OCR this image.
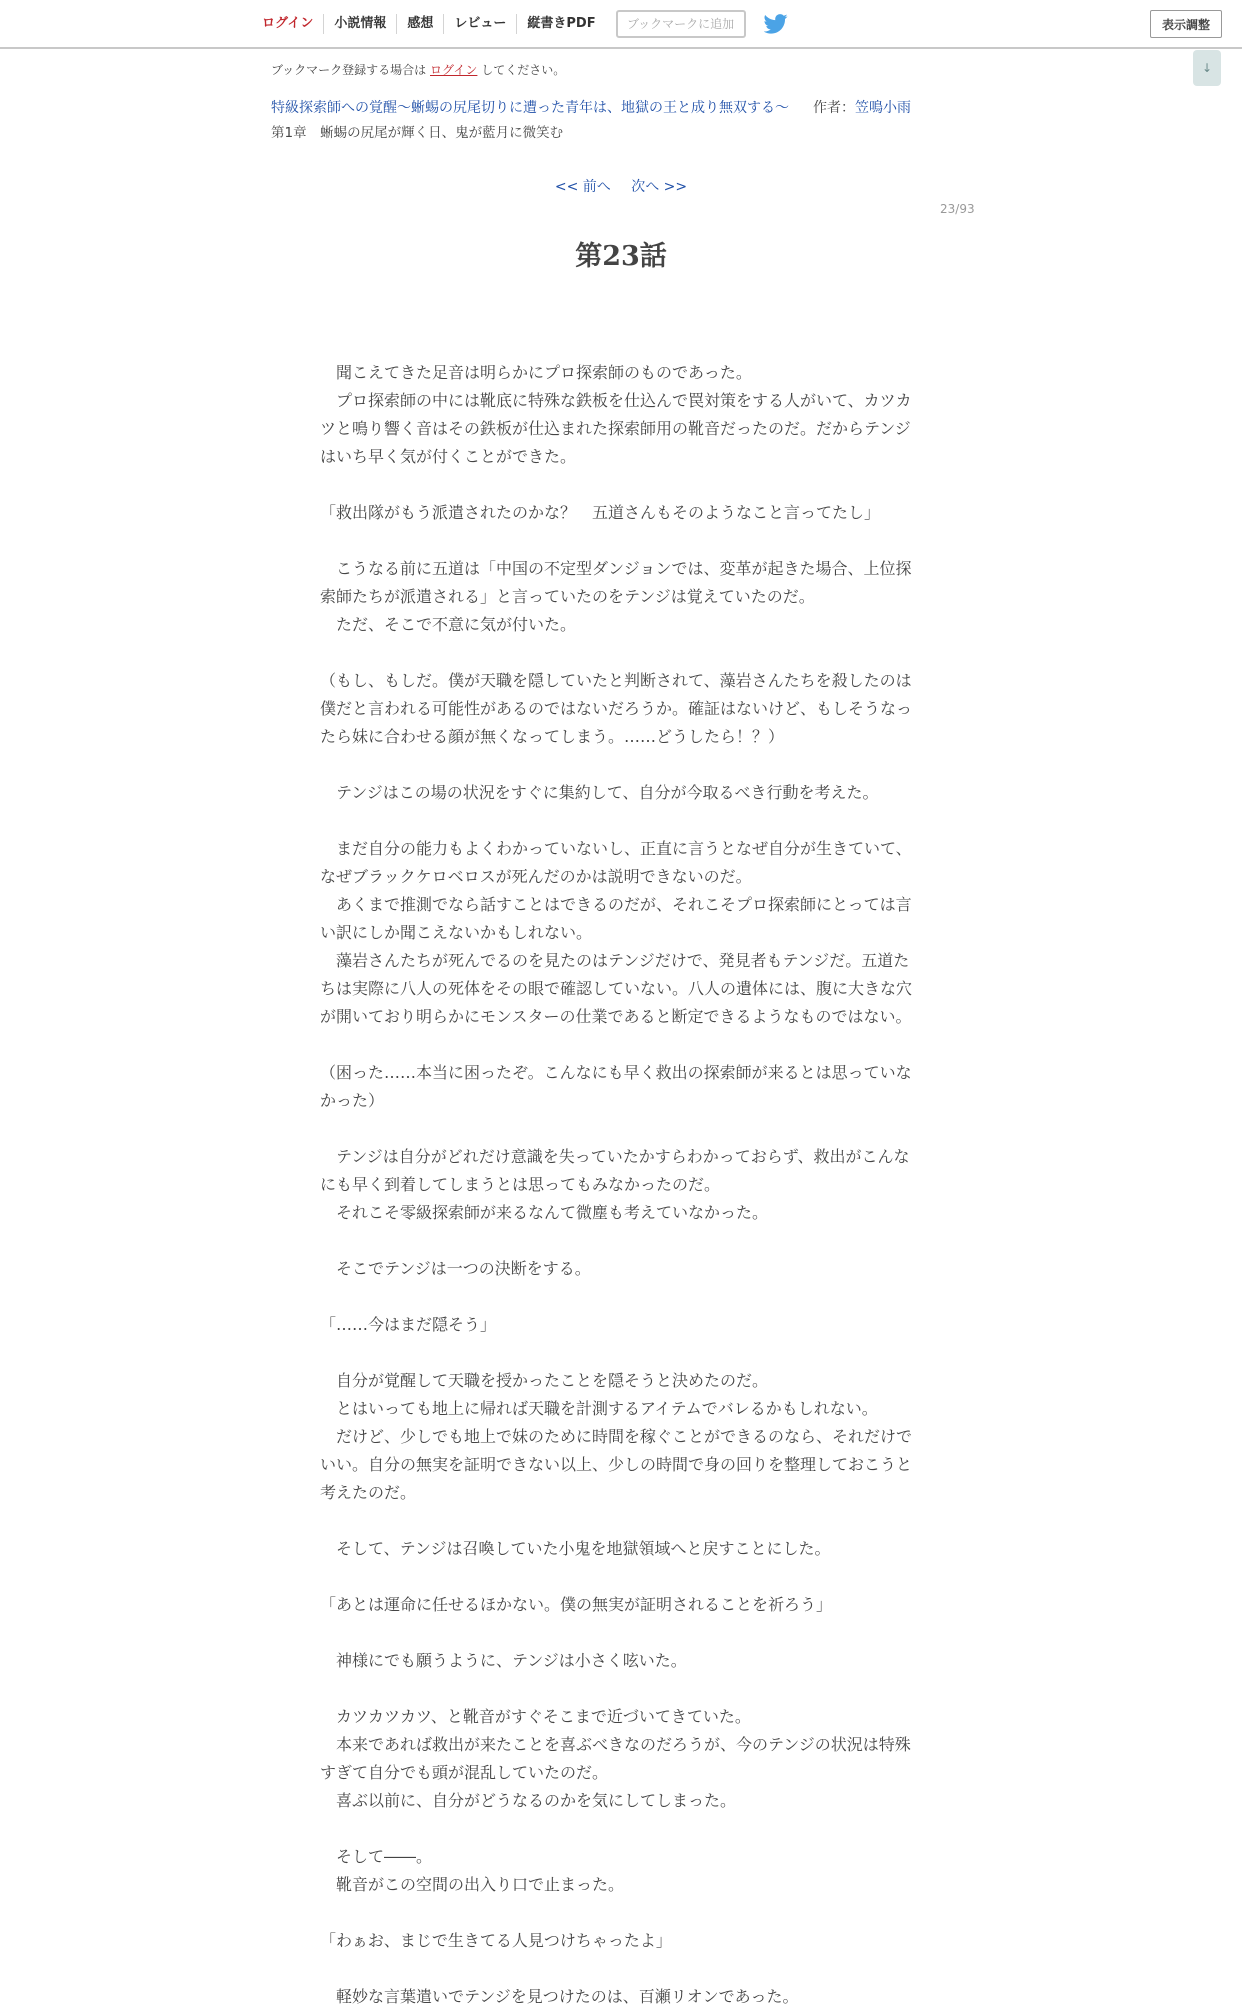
ログイン	小説情報	感想	レビュー	縦書きPDF	ブックマークに追加	表示調整
↓
ブックマーク登録する場合は ログイン してください。
特級探索師への覚醒～蜥蜴の尻尾切りに遭った青年は、地獄の王と成り無双する～ 作者：笠鳴小雨
第1章　蜥蜴の尻尾が輝く日、鬼が藍月に微笑む
<< 前へ 次へ >>
23/93
第23話
　聞こえてきた足音は明らかにプロ探索師のものであった。
　プロ探索師の中には靴底に特殊な鉄板を仕込んで罠対策をする人がいて、カツカ
ツと鳴り響く音はその鉄板が仕込まれた探索師用の靴音だったのだ。だからテンジ
はいち早く気が付くことができた。
「救出隊がもう派遣されたのかな？　五道さんもそのようなこと言ってたし」
　こうなる前に五道は「中国の不定型ダンジョンでは、変革が起きた場合、上位探
索師たちが派遣される」と言っていたのをテンジは覚えていたのだ。
　ただ、そこで不意に気が付いた。
（もし、もしだ。僕が天職を隠していたと判断されて、藻岩さんたちを殺したのは
僕だと言われる可能性があるのではないだろうか。確証はないけど、もしそうなっ
たら妹に合わせる顔が無くなってしまう。……どうしたら！？）
　テンジはこの場の状況をすぐに集約して、自分が今取るべき行動を考えた。
　まだ自分の能力もよくわかっていないし、正直に言うとなぜ自分が生きていて、
なぜブラックケロベロスが死んだのかは説明できないのだ。
　あくまで推測でなら話すことはできるのだが、それこそプロ探索師にとっては言
い訳にしか聞こえないかもしれない。
　藻岩さんたちが死んでるのを見たのはテンジだけで、発見者もテンジだ。五道た
ちは実際に八人の死体をその眼で確認していない。八人の遺体には、腹に大きな穴
が開いており明らかにモンスターの仕業であると断定できるようなものではない。
（困った……本当に困ったぞ。こんなにも早く救出の探索師が来るとは思っていな
かった）
　テンジは自分がどれだけ意識を失っていたかすらわかっておらず、救出がこんな
にも早く到着してしまうとは思ってもみなかったのだ。
　それこそ零級探索師が来るなんて微塵も考えていなかった。
　そこでテンジは一つの決断をする。
「……今はまだ隠そう」
　自分が覚醒して天職を授かったことを隠そうと決めたのだ。
　とはいっても地上に帰れば天職を計測するアイテムでバレるかもしれない。
　だけど、少しでも地上で妹のために時間を稼ぐことができるのなら、それだけで
いい。自分の無実を証明できない以上、少しの時間で身の回りを整理しておこうと
考えたのだ。
　そして、テンジは召喚していた小鬼を地獄領域へと戻すことにした。
「あとは運命に任せるほかない。僕の無実が証明されることを祈ろう」
　神様にでも願うように、テンジは小さく呟いた。
　カツカツカツ、と靴音がすぐそこまで近づいてきていた。
　本来であれば救出が来たことを喜ぶべきなのだろうが、今のテンジの状況は特殊
すぎて自分でも頭が混乱していたのだ。
　喜ぶ以前に、自分がどうなるのかを気にしてしまった。
　そして――。
　靴音がこの空間の出入り口で止まった。
「わぁお、まじで生きてる人見つけちゃったよ」
　軽妙な言葉遣いでテンジを見つけたのは、百瀬リオンであった。
